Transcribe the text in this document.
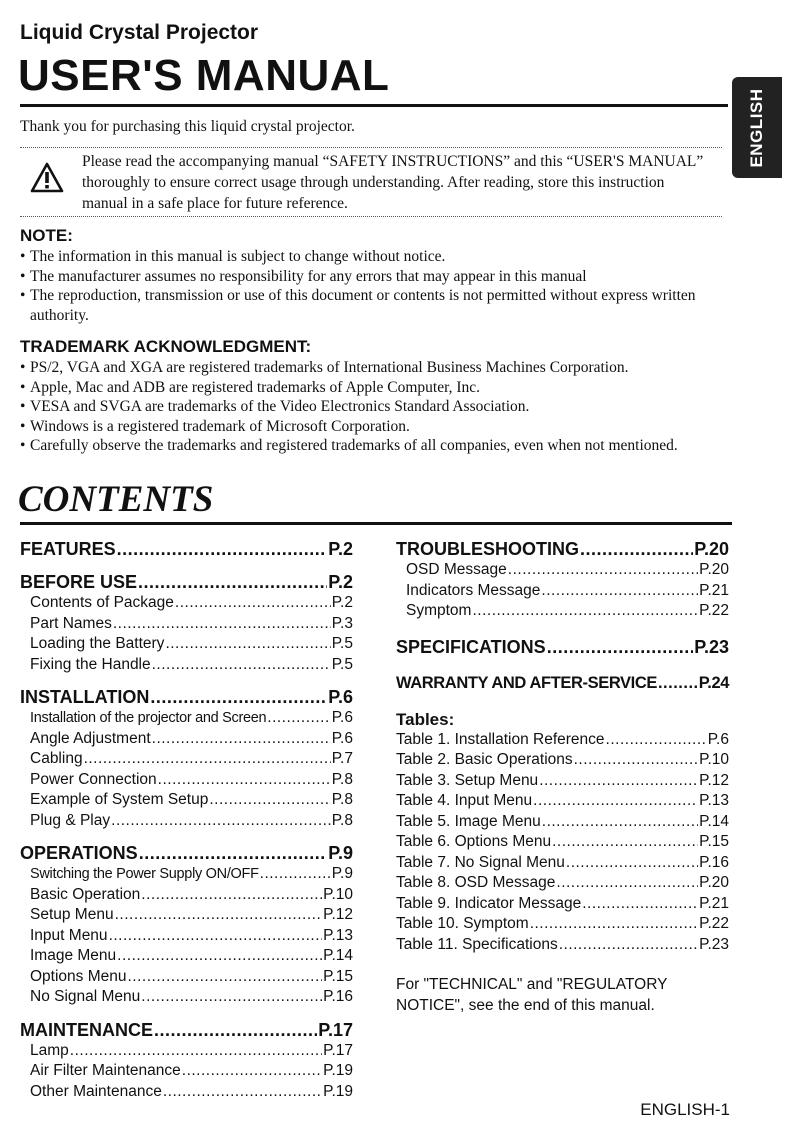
Liquid Crystal Projector
USER'S MANUAL
ENGLISH
Thank you for purchasing this liquid crystal projector.
Please read the accompanying manual “SAFETY INSTRUCTIONS” and this “USER'S MANUAL” thoroughly to ensure correct usage through understanding. After reading, store this instruction manual in a safe place for future reference.
NOTE:
• The information in this manual is subject to change without notice.
• The manufacturer assumes no responsibility for any errors that may appear in this manual
• The reproduction, transmission or use of this document or contents is not permitted without express written authority.
TRADEMARK ACKNOWLEDGMENT:
• PS/2, VGA and XGA are registered trademarks of International Business Machines Corporation.
• Apple, Mac and ADB are registered trademarks of Apple Computer, Inc.
• VESA and SVGA are trademarks of the Video Electronics Standard Association.
• Windows is a registered trademark of Microsoft Corporation.
• Carefully observe the trademarks and registered trademarks of all companies, even when not mentioned.
CONTENTS
FEATURES .....	P.2
BEFORE USE .....	P.2
Contents of Package .....	P.2
Part Names .....	P.3
Loading the Battery .....	P.5
Fixing the Handle .....	P.5
INSTALLATION .....	P.6
Installation of the projector and Screen .....	P.6
Angle Adjustment .....	P.6
Cabling .....	P.7
Power Connection .....	P.8
Example of System Setup .....	P.8
Plug & Play .....	P.8
OPERATIONS .....	P.9
Switching the Power Supply ON/OFF .....	P.9
Basic Operation .....	P.10
Setup Menu .....	P.12
Input Menu .....	P.13
Image Menu .....	P.14
Options Menu .....	P.15
No Signal Menu .....	P.16
MAINTENANCE .....	P.17
Lamp .....	P.17
Air Filter Maintenance .....	P.19
Other Maintenance .....	P.19
TROUBLESHOOTING .....	P.20
OSD Message .....	P.20
Indicators Message .....	P.21
Symptom .....	P.22
SPECIFICATIONS .....	P.23
WARRANTY AND AFTER-SERVICE .....	P.24
Tables:
Table 1. Installation Reference .....	P.6
Table 2. Basic Operations .....	P.10
Table 3. Setup Menu .....	P.12
Table 4. Input Menu .....	P.13
Table 5. Image Menu .....	P.14
Table 6. Options Menu .....	P.15
Table 7. No Signal Menu .....	P.16
Table 8. OSD Message .....	P.20
Table 9. Indicator Message .....	P.21
Table 10. Symptom .....	P.22
Table 11. Specifications .....	P.23
For "TECHNICAL" and "REGULATORY NOTICE", see the end of this manual.
ENGLISH-1
